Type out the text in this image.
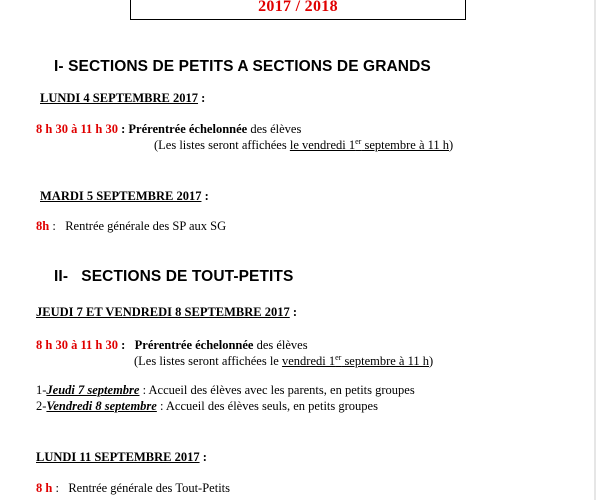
2017 / 2018
I- SECTIONS DE PETITS A SECTIONS DE GRANDS
LUNDI 4 SEPTEMBRE 2017 :
8 h 30 à 11 h 30 : Prérentrée échelonnée des élèves
(Les listes seront affichées le vendredi 1er septembre à 11 h)
MARDI 5 SEPTEMBRE 2017 :
8h :   Rentrée générale des SP aux SG
II-   SECTIONS DE TOUT-PETITS
JEUDI 7 ET VENDREDI 8 SEPTEMBRE 2017 :
8 h 30 à 11 h 30 :   Prérentrée échelonnée des élèves
(Les listes seront affichées le vendredi 1er septembre à 11 h)
1-Jeudi 7 septembre : Accueil des élèves avec les parents, en petits groupes
2-Vendredi 8 septembre : Accueil des élèves seuls, en petits groupes
LUNDI 11 SEPTEMBRE 2017 :
8 h :   Rentrée générale des Tout-Petits
